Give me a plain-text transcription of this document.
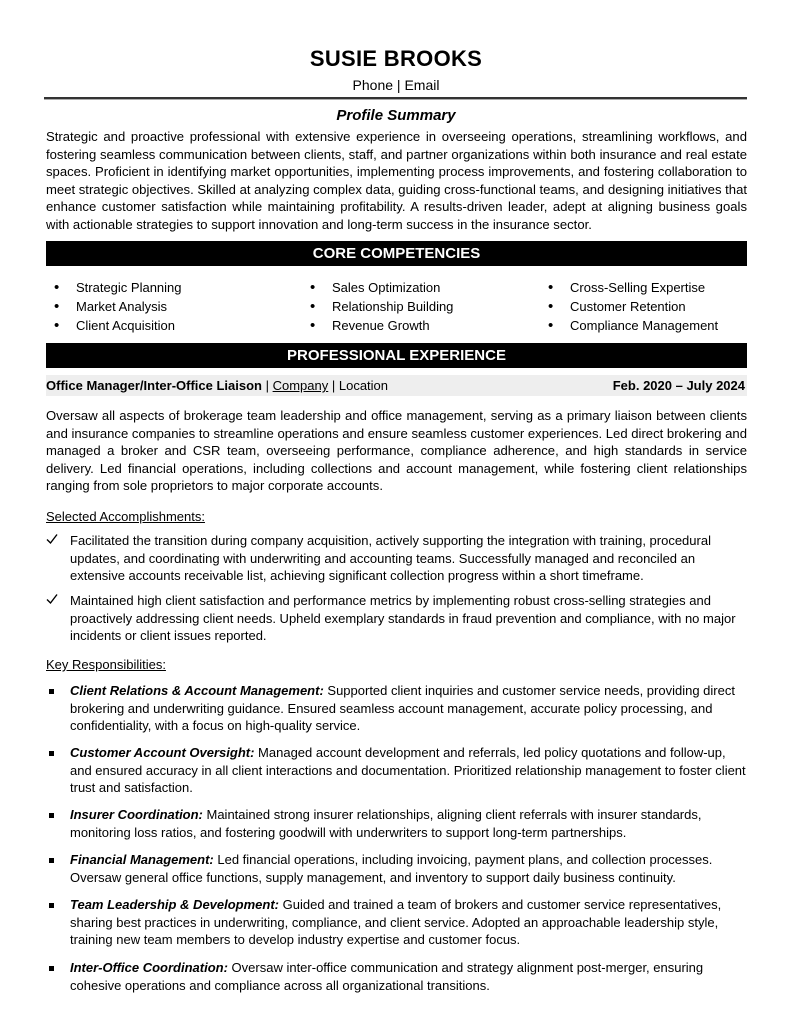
SUSIE BROOKS
Phone | Email
Profile Summary
Strategic and proactive professional with extensive experience in overseeing operations, streamlining workflows, and fostering seamless communication between clients, staff, and partner organizations within both insurance and real estate spaces. Proficient in identifying market opportunities, implementing process improvements, and fostering collaboration to meet strategic objectives. Skilled at analyzing complex data, guiding cross-functional teams, and designing initiatives that enhance customer satisfaction while maintaining profitability. A results-driven leader, adept at aligning business goals with actionable strategies to support innovation and long-term success in the insurance sector.
CORE COMPETENCIES
• Strategic Planning
• Market Analysis
• Client Acquisition
• Sales Optimization
• Relationship Building
• Revenue Growth
• Cross-Selling Expertise
• Customer Retention
• Compliance Management
PROFESSIONAL EXPERIENCE
Office Manager/Inter-Office Liaison | Company | Location	Feb. 2020 – July 2024
Oversaw all aspects of brokerage team leadership and office management, serving as a primary liaison between clients and insurance companies to streamline operations and ensure seamless customer experiences. Led direct brokering and managed a broker and CSR team, overseeing performance, compliance adherence, and high standards in service delivery. Led financial operations, including collections and account management, while fostering client relationships ranging from sole proprietors to major corporate accounts.
Selected Accomplishments:
Facilitated the transition during company acquisition, actively supporting the integration with training, procedural updates, and coordinating with underwriting and accounting teams. Successfully managed and reconciled an extensive accounts receivable list, achieving significant collection progress within a short timeframe.
Maintained high client satisfaction and performance metrics by implementing robust cross-selling strategies and proactively addressing client needs. Upheld exemplary standards in fraud prevention and compliance, with no major incidents or client issues reported.
Key Responsibilities:
Client Relations & Account Management: Supported client inquiries and customer service needs, providing direct brokering and underwriting guidance. Ensured seamless account management, accurate policy processing, and confidentiality, with a focus on high-quality service.
Customer Account Oversight: Managed account development and referrals, led policy quotations and follow-up, and ensured accuracy in all client interactions and documentation. Prioritized relationship management to foster client trust and satisfaction.
Insurer Coordination: Maintained strong insurer relationships, aligning client referrals with insurer standards, monitoring loss ratios, and fostering goodwill with underwriters to support long-term partnerships.
Financial Management: Led financial operations, including invoicing, payment plans, and collection processes. Oversaw general office functions, supply management, and inventory to support daily business continuity.
Team Leadership & Development: Guided and trained a team of brokers and customer service representatives, sharing best practices in underwriting, compliance, and client service. Adopted an approachable leadership style, training new team members to develop industry expertise and customer focus.
Inter-Office Coordination: Oversaw inter-office communication and strategy alignment post-merger, ensuring cohesive operations and compliance across all organizational transitions.
